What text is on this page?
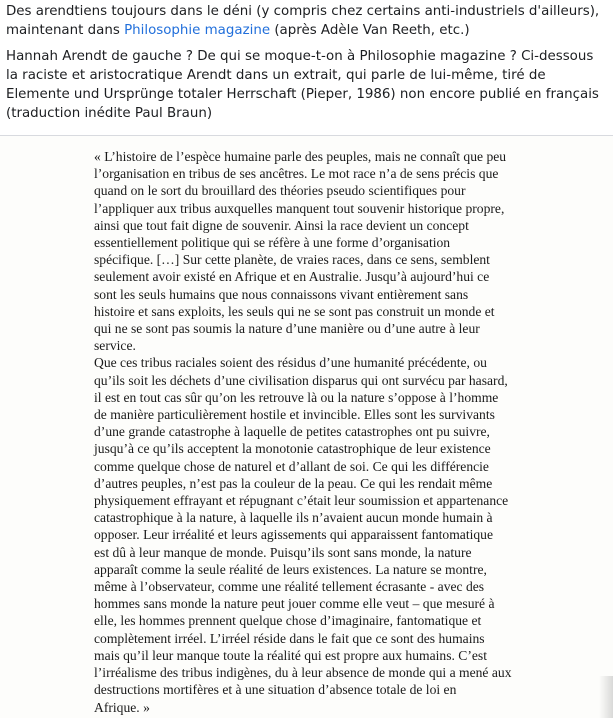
Des arendtiens toujours dans le déni (y compris chez certains anti-industriels d'ailleurs), maintenant dans Philosophie magazine (après Adèle Van Reeth, etc.)

Hannah Arendt de gauche ? De qui se moque-t-on à Philosophie magazine ? Ci-dessous la raciste et aristocratique Arendt dans un extrait, qui parle de lui-même, tiré de Elemente und Ursprünge totaler Herrschaft (Pieper, 1986) non encore publié en français (traduction inédite Paul Braun)

« L’histoire de l’espèce humaine parle des peuples, mais ne connaît que peu
l’organisation en tribus de ses ancêtres. Le mot race n’a de sens précis que
quand on le sort du brouillard des théories pseudo scientifiques pour
l’appliquer aux tribus auxquelles manquent tout souvenir historique propre,
ainsi que tout fait digne de souvenir. Ainsi la race devient un concept
essentiellement politique qui se réfère à une forme d’organisation
spécifique. […] Sur cette planète, de vraies races, dans ce sens, semblent
seulement avoir existé en Afrique et en Australie. Jusqu’à aujourd’hui ce
sont les seuls humains que nous connaissons vivant entièrement sans
histoire et sans exploits, les seuls qui ne se sont pas construit un monde et
qui ne se sont pas soumis la nature d’une manière ou d’une autre à leur
service.
Que ces tribus raciales soient des résidus d’une humanité précédente, ou
qu’ils soit les déchets d’une civilisation disparus qui ont survécu par hasard,
il est en tout cas sûr qu’on les retrouve là ou la nature s’oppose à l’homme
de manière particulièrement hostile et invincible. Elles sont les survivants
d’une grande catastrophe à laquelle de petites catastrophes ont pu suivre,
jusqu’à ce qu’ils acceptent la monotonie catastrophique de leur existence
comme quelque chose de naturel et d’allant de soi. Ce qui les différencie
d’autres peuples, n’est pas la couleur de la peau. Ce qui les rendait même
physiquement effrayant et répugnant c’était leur soumission et appartenance
catastrophique à la nature, à laquelle ils n’avaient aucun monde humain à
opposer. Leur irréalité et leurs agissements qui apparaissent fantomatique
est dû à leur manque de monde. Puisqu’ils sont sans monde, la nature
apparaît comme la seule réalité de leurs existences. La nature se montre,
même à l’observateur, comme une réalité tellement écrasante - avec des
hommes sans monde la nature peut jouer comme elle veut – que mesuré à
elle, les hommes prennent quelque chose d’imaginaire, fantomatique et
complètement irréel. L’irréel réside dans le fait que ce sont des humains
mais qu’il leur manque toute la réalité qui est propre aux humains. C’est
l’irréalisme des tribus indigènes, du à leur absence de monde qui a mené aux
destructions mortifères et à une situation d’absence totale de loi en
Afrique. »
